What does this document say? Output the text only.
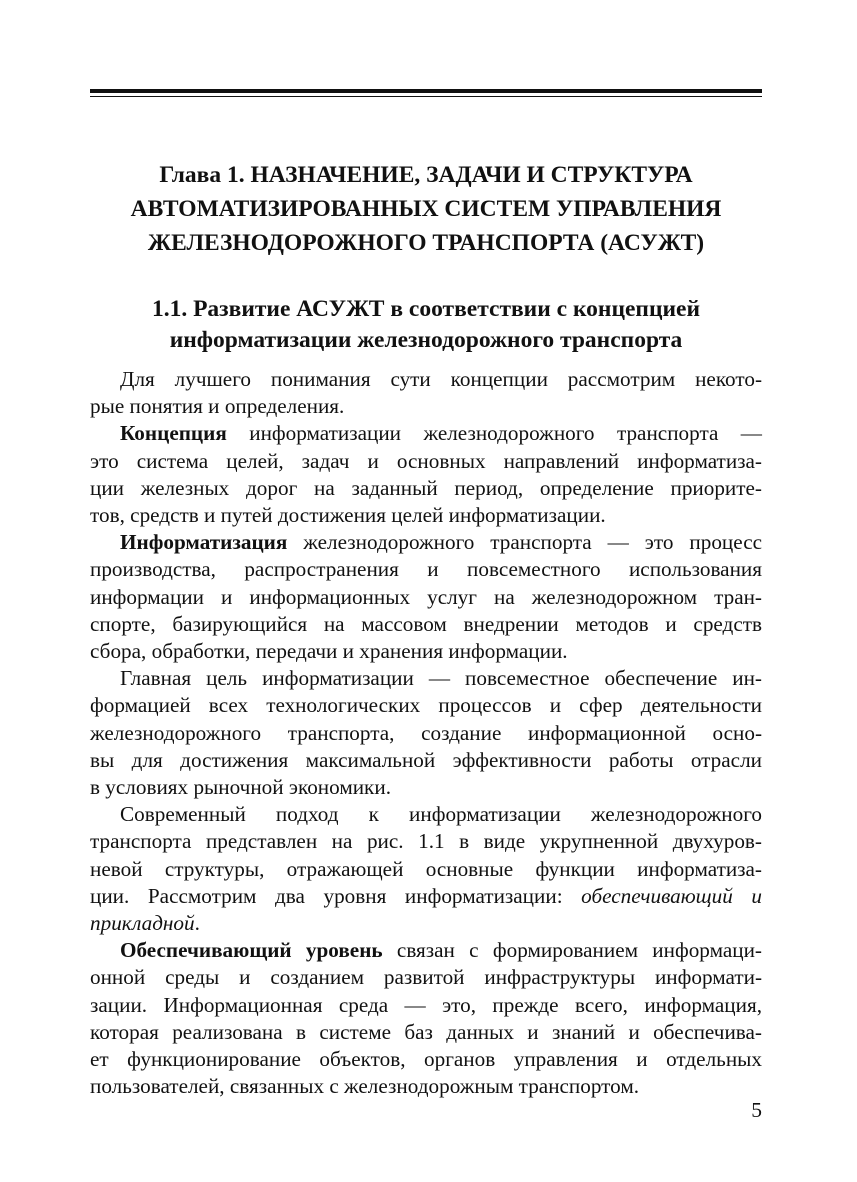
Глава 1. НАЗНАЧЕНИЕ, ЗАДАЧИ И СТРУКТУРА
АВТОМАТИЗИРОВАННЫХ СИСТЕМ УПРАВЛЕНИЯ
ЖЕЛЕЗНОДОРОЖНОГО ТРАНСПОРТА (АСУЖТ)
1.1. Развитие АСУЖТ в соответствии с концепцией
информатизации железнодорожного транспорта
Для лучшего понимания сути концепции рассмотрим некото-
рые понятия и определения.
Концепция информатизации железнодорожного транспорта —
это система целей, задач и основных направлений информатиза-
ции железных дорог на заданный период, определение приорите-
тов, средств и путей достижения целей информатизации.
Информатизация железнодорожного транспорта — это процесс
производства, распространения и повсеместного использования
информации и информационных услуг на железнодорожном тран-
спорте, базирующийся на массовом внедрении методов и средств
сбора, обработки, передачи и хранения информации.
Главная цель информатизации — повсеместное обеспечение ин-
формацией всех технологических процессов и сфер деятельности
железнодорожного транспорта, создание информационной осно-
вы для достижения максимальной эффективности работы отрасли
в условиях рыночной экономики.
Современный подход к информатизации железнодорожного
транспорта представлен на рис. 1.1 в виде укрупненной двухуров-
невой структуры, отражающей основные функции информатиза-
ции. Рассмотрим два уровня информатизации: обеспечивающий и
прикладной.
Обеспечивающий уровень связан с формированием информаци-
онной среды и созданием развитой инфраструктуры информати-
зации. Информационная среда — это, прежде всего, информация,
которая реализована в системе баз данных и знаний и обеспечива-
ет функционирование объектов, органов управления и отдельных
пользователей, связанных с железнодорожным транспортом.
5
